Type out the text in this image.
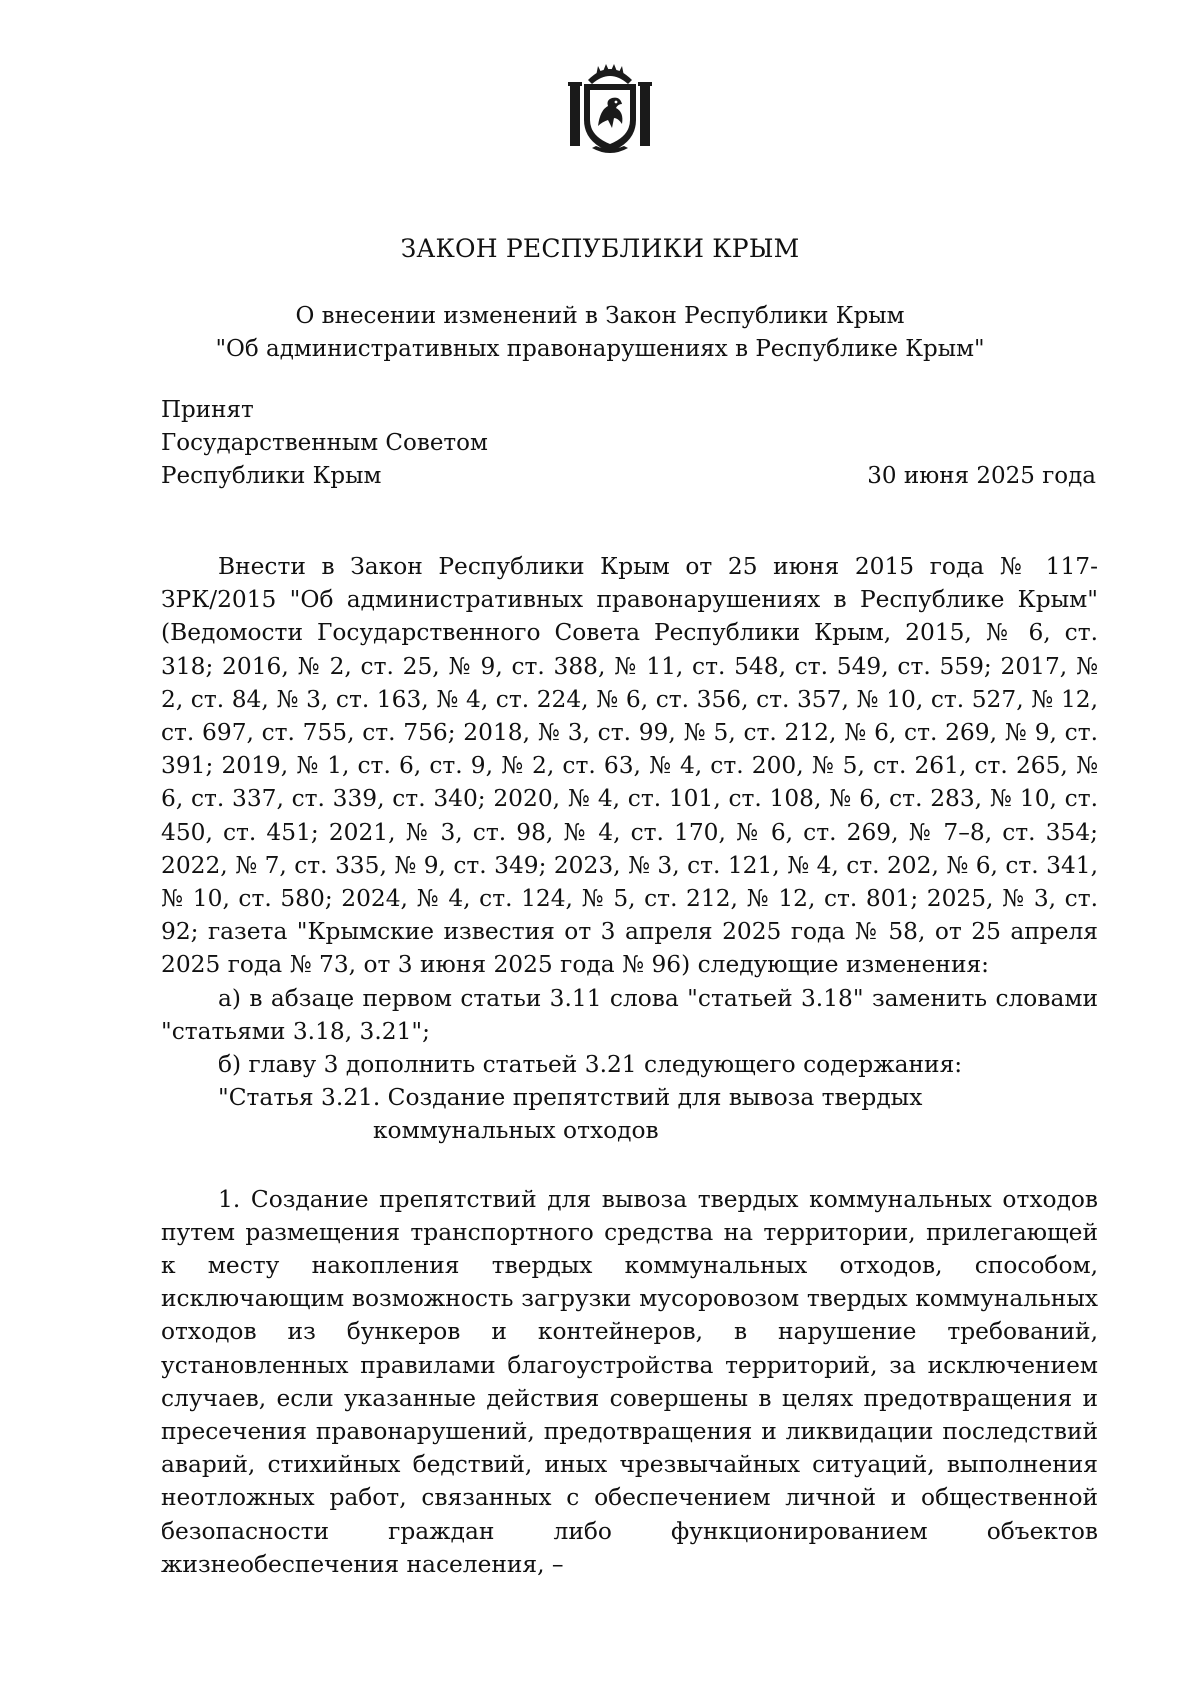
ЗАКОН РЕСПУБЛИКИ КРЫМ
О внесении изменений в Закон Республики Крым
"Об административных правонарушениях в Республике Крым"
Принят
Государственным Советом
Республики Крым	30 июня 2025 года

Внести в Закон Республики Крым от 25 июня 2015 года № 117-ЗРК/2015 "Об административных правонарушениях в Республике Крым" (Ведомости Государственного Совета Республики Крым, 2015, № 6, ст. 318; 2016, № 2, ст. 25, № 9, ст. 388, № 11, ст. 548, ст. 549, ст. 559; 2017, № 2, ст. 84, № 3, ст. 163, № 4, ст. 224, № 6, ст. 356, ст. 357, № 10, ст. 527, № 12, ст. 697, ст. 755, ст. 756; 2018, № 3, ст. 99, № 5, ст. 212, № 6, ст. 269, № 9, ст. 391; 2019, № 1, ст. 6, ст. 9, № 2, ст. 63, № 4, ст. 200, № 5, ст. 261, ст. 265, № 6, ст. 337, ст. 339, ст. 340; 2020, № 4, ст. 101, ст. 108, № 6, ст. 283, № 10, ст. 450, ст. 451; 2021, № 3, ст. 98, № 4, ст. 170, № 6, ст. 269, № 7–8, ст. 354; 2022, № 7, ст. 335, № 9, ст. 349; 2023, № 3, ст. 121, № 4, ст. 202, № 6, ст. 341, № 10, ст. 580; 2024, № 4, ст. 124, № 5, ст. 212, № 12, ст. 801; 2025, № 3, ст. 92; газета "Крымские известия от 3 апреля 2025 года № 58, от 25 апреля 2025 года № 73, от 3 июня 2025 года № 96) следующие изменения:

а) в абзаце первом статьи 3.11 слова "статьей 3.18" заменить словами "статьями 3.18, 3.21";

б) главу 3 дополнить статьей 3.21 следующего содержания:

"Статья 3.21. Создание препятствий для вывоза твердых
коммунальных отходов

1. Создание препятствий для вывоза твердых коммунальных отходов путем размещения транспортного средства на территории, прилегающей к месту накопления твердых коммунальных отходов, способом, исключающим возможность загрузки мусоровозом твердых коммунальных отходов из бункеров и контейнеров, в нарушение требований, установленных правилами благоустройства территорий, за исключением случаев, если указанные действия совершены в целях предотвращения и пресечения правонарушений, предотвращения и ликвидации последствий аварий, стихийных бедствий, иных чрезвычайных ситуаций, выполнения неотложных работ, связанных с обеспечением личной и общественной безопасности граждан либо функционированием объектов жизнеобеспечения населения, –
